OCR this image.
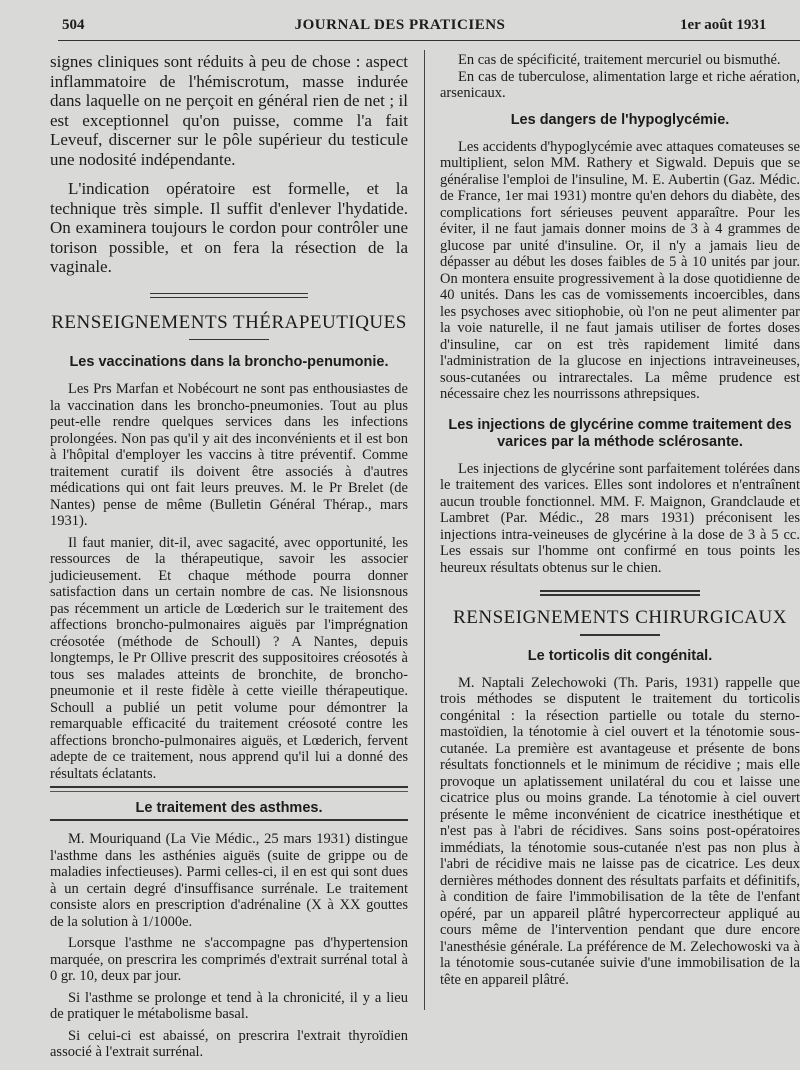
504	JOURNAL DES PRATICIENS	1er août 1931

signes cliniques sont réduits à peu de chose : aspect inflammatoire de l'hémiscrotum, masse indurée dans laquelle on ne perçoit en général rien de net ; il est exceptionnel qu'on puisse, comme l'a fait Leveuf, discerner sur le pôle supérieur du testicule une nodosité indépendante.

L'indication opératoire est formelle, et la technique très simple. Il suffit d'enlever l'hydatide. On examinera toujours le cordon pour contrôler une torison possible, et on fera la résection de la vaginale.

RENSEIGNEMENTS THÉRAPEUTIQUES
Les vaccinations dans la broncho-penumonie.

Les Prs Marfan et Nobécourt ne sont pas enthousiastes de la vaccination dans les broncho-pneumonies. Tout au plus peut-elle rendre quelques services dans les infections prolongées. Non pas qu'il y ait des inconvénients et il est bon à l'hôpital d'employer les vaccins à titre préventif. Comme traitement curatif ils doivent être associés à d'autres médications qui ont fait leurs preuves. M. le Pr Brelet (de Nantes) pense de même (Bulletin Général Thérap., mars 1931).

Il faut manier, dit-il, avec sagacité, avec opportunité, les ressources de la thérapeutique, savoir les associer judicieusement. Et chaque méthode pourra donner satisfaction dans un certain nombre de cas. Ne lisionsnous pas récemment un article de Lœderich sur le traitement des affections broncho-pulmonaires aiguës par l'imprégnation créosotée (méthode de Schoull) ? A Nantes, depuis longtemps, le Pr Ollive prescrit des suppositoires créosotés à tous ses malades atteints de bronchite, de broncho-pneumonie et il reste fidèle à cette vieille thérapeutique. Schoull a publié un petit volume pour démontrer la remarquable efficacité du traitement créosoté contre les affections broncho-pulmonaires aiguës, et Lœderich, fervent adepte de ce traitement, nous apprend qu'il lui a donné des résultats éclatants.

Le traitement des asthmes.

M. Mouriquand (La Vie Médic., 25 mars 1931) distingue l'asthme dans les asthénies aiguës (suite de grippe ou de maladies infectieuses). Parmi celles-ci, il en est qui sont dues à un certain degré d'insuffisance surrénale. Le traitement consiste alors en prescription d'adrénaline (X à XX gouttes de la solution à 1/1000e.

Lorsque l'asthme ne s'accompagne pas d'hypertension marquée, on prescrira les comprimés d'extrait surrénal total à 0 gr. 10, deux par jour.

Si l'asthme se prolonge et tend à la chronicité, il y a lieu de pratiquer le métabolisme basal.

Si celui-ci est abaissé, on prescrira l'extrait thyroïdien associé à l'extrait surrénal.

En cas de spécificité, traitement mercuriel ou bismuthé.

En cas de tuberculose, alimentation large et riche aération, arsenicaux.

Les dangers de l'hypoglycémie.

Les accidents d'hypoglycémie avec attaques comateuses se multiplient, selon MM. Rathery et Sigwald. Depuis que se généralise l'emploi de l'insuline, M. E. Aubertin (Gaz. Médic. de France, 1er mai 1931) montre qu'en dehors du diabète, des complications fort sérieuses peuvent apparaître. Pour les éviter, il ne faut jamais donner moins de 3 à 4 grammes de glucose par unité d'insuline. Or, il n'y a jamais lieu de dépasser au début les doses faibles de 5 à 10 unités par jour. On montera ensuite progressivement à la dose quotidienne de 40 unités. Dans les cas de vomissements incoercibles, dans les psychoses avec sitiophobie, où l'on ne peut alimenter par la voie naturelle, il ne faut jamais utiliser de fortes doses d'insuline, car on est très rapidement limité dans l'administration de la glucose en injections intraveineuses, sous-cutanées ou intrarectales. La même prudence est nécessaire chez les nourrissons athrepsiques.

Les injections de glycérine comme traitement des varices par la méthode sclérosante.

Les injections de glycérine sont parfaitement tolérées dans le traitement des varices. Elles sont indolores et n'entraînent aucun trouble fonctionnel. MM. F. Maignon, Grandclaude et Lambret (Par. Médic., 28 mars 1931) préconisent les injections intra-veineuses de glycérine à la dose de 3 à 5 cc. Les essais sur l'homme ont confirmé en tous points les heureux résultats obtenus sur le chien.

RENSEIGNEMENTS CHIRURGICAUX
Le torticolis dit congénital.

M. Naptali Zelechowoki (Th. Paris, 1931) rappelle que trois méthodes se disputent le traitement du torticolis congénital : la résection partielle ou totale du sterno-mastoïdien, la ténotomie à ciel ouvert et la ténotomie sous-cutanée. La première est avantageuse et présente de bons résultats fonctionnels et le minimum de récidive ; mais elle provoque un aplatissement unilatéral du cou et laisse une cicatrice plus ou moins grande. La ténotomie à ciel ouvert présente le même inconvénient de cicatrice inesthétique et n'est pas à l'abri de récidives. Sans soins post-opératoires immédiats, la ténotomie sous-cutanée n'est pas non plus à l'abri de récidive mais ne laisse pas de cicatrice. Les deux dernières méthodes donnent des résultats parfaits et définitifs, à condition de faire l'immobilisation de la tête de l'enfant opéré, par un appareil plâtré hypercorrecteur appliqué au cours même de l'intervention pendant que dure encore l'anesthésie générale. La préférence de M. Zelechowoski va à la ténotomie sous-cutanée suivie d'une immobilisation de la tête en appareil plâtré.
